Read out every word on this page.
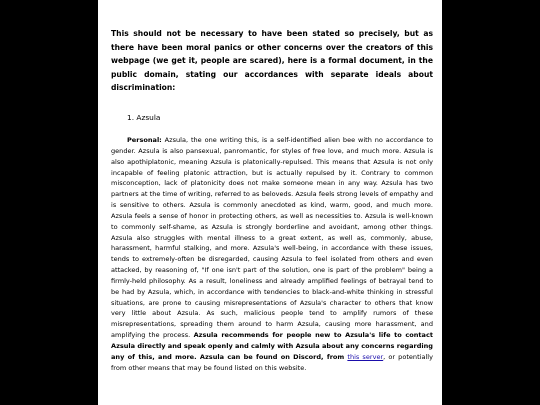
This should not be necessary to have been stated so precisely, but as there have been moral panics or other concerns over the creators of this webpage (we get it, people are scared), here is a formal document, in the public domain, stating our accordances with separate ideals about discrimination:

1. Azsula

Personal: Azsula, the one writing this, is a self-identified alien bee with no accordance to gender. Azsula is also pansexual, panromantic, for styles of free love, and much more. Azsula is also apothiplatonic, meaning Azsula is platonically-repulsed. This means that Azsula is not only incapable of feeling platonic attraction, but is actually repulsed by it. Contrary to common misconception, lack of platonicity does not make someone mean in any way. Azsula has two partners at the time of writing, referred to as beloveds. Azsula feels strong levels of empathy and is sensitive to others. Azsula is commonly anecdoted as kind, warm, good, and much more. Azsula feels a sense of honor in protecting others, as well as necessities to. Azsula is well-known to commonly self-shame, as Azsula is strongly borderline and avoidant, among other things. Azsula also struggles with mental illness to a great extent, as well as, commonly, abuse, harassment, harmful stalking, and more. Azsula's well-being, in accordance with these issues, tends to extremely-often be disregarded, causing Azsula to feel isolated from others and even attacked, by reasoning of, "If one isn't part of the solution, one is part of the problem" being a firmly-held philosophy. As a result, loneliness and already amplified feelings of betrayal tend to be had by Azsula, which, in accordance with tendencies to black-and-white thinking in stressful situations, are prone to causing misrepresentations of Azsula's character to others that know very little about Azsula. As such, malicious people tend to amplify rumors of these misrepresentations, spreading them around to harm Azsula, causing more harassment, and amplifying the process. Azsula recommends for people new to Azsula's life to contact Azsula directly and speak openly and calmly with Azsula about any concerns regarding any of this, and more. Azsula can be found on Discord, from this server, or potentially from other means that may be found listed on this website.
